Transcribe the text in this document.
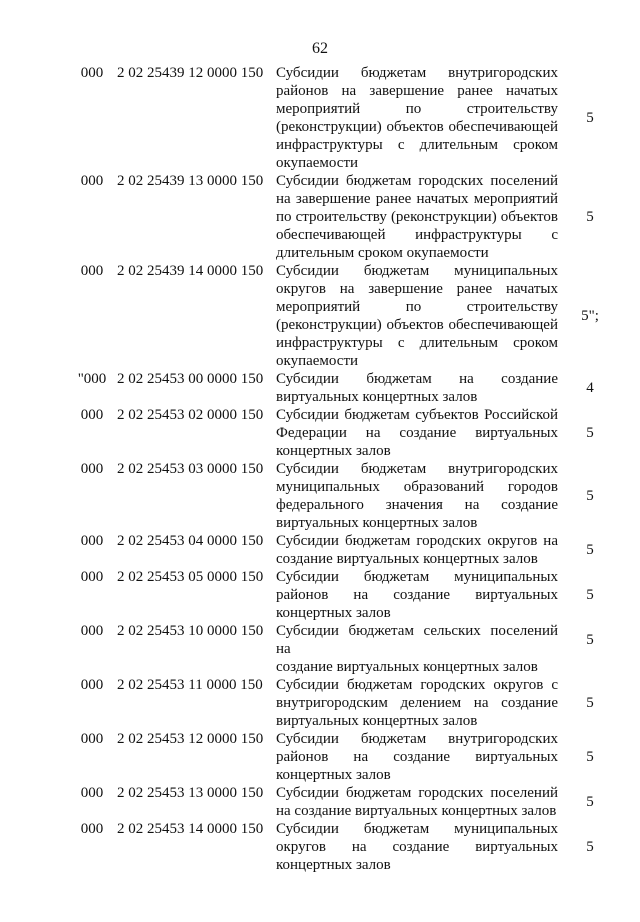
62
000 2 02 25439 12 0000 150 Субсидии бюджетам внутригородских
районов на завершение ранее начатых
мероприятий по строительству
(реконструкции) объектов обеспечивающей
инфраструктуры с длительным сроком
окупаемости
5
000 2 02 25439 13 0000 150 Субсидии бюджетам городских поселений
на завершение ранее начатых мероприятий
по строительству (реконструкции) объектов
обеспечивающей инфраструктуры с
длительным сроком окупаемости
5
000 2 02 25439 14 0000 150 Субсидии бюджетам муниципальных
округов на завершение ранее начатых
мероприятий по строительству
(реконструкции) объектов обеспечивающей
инфраструктуры с длительным сроком
окупаемости
5";
"000 2 02 25453 00 0000 150 Субсидии бюджетам на создание
виртуальных концертных залов
4
000 2 02 25453 02 0000 150 Субсидии бюджетам субъектов Российской
Федерации на создание виртуальных
концертных залов
5
000 2 02 25453 03 0000 150 Субсидии бюджетам внутригородских
муниципальных образований городов
федерального значения на создание
виртуальных концертных залов
5
000 2 02 25453 04 0000 150 Субсидии бюджетам городских округов на
создание виртуальных концертных залов
5
000 2 02 25453 05 0000 150 Субсидии бюджетам муниципальных
районов на создание виртуальных
концертных залов
5
000 2 02 25453 10 0000 150 Субсидии бюджетам сельских поселений на
создание виртуальных концертных залов
5
000 2 02 25453 11 0000 150 Субсидии бюджетам городских округов с
внутригородским делением на создание
виртуальных концертных залов
5
000 2 02 25453 12 0000 150 Субсидии бюджетам внутригородских
районов на создание виртуальных
концертных залов
5
000 2 02 25453 13 0000 150 Субсидии бюджетам городских поселений
на создание виртуальных концертных залов
5
000 2 02 25453 14 0000 150 Субсидии бюджетам муниципальных
округов на создание виртуальных
концертных залов
5
